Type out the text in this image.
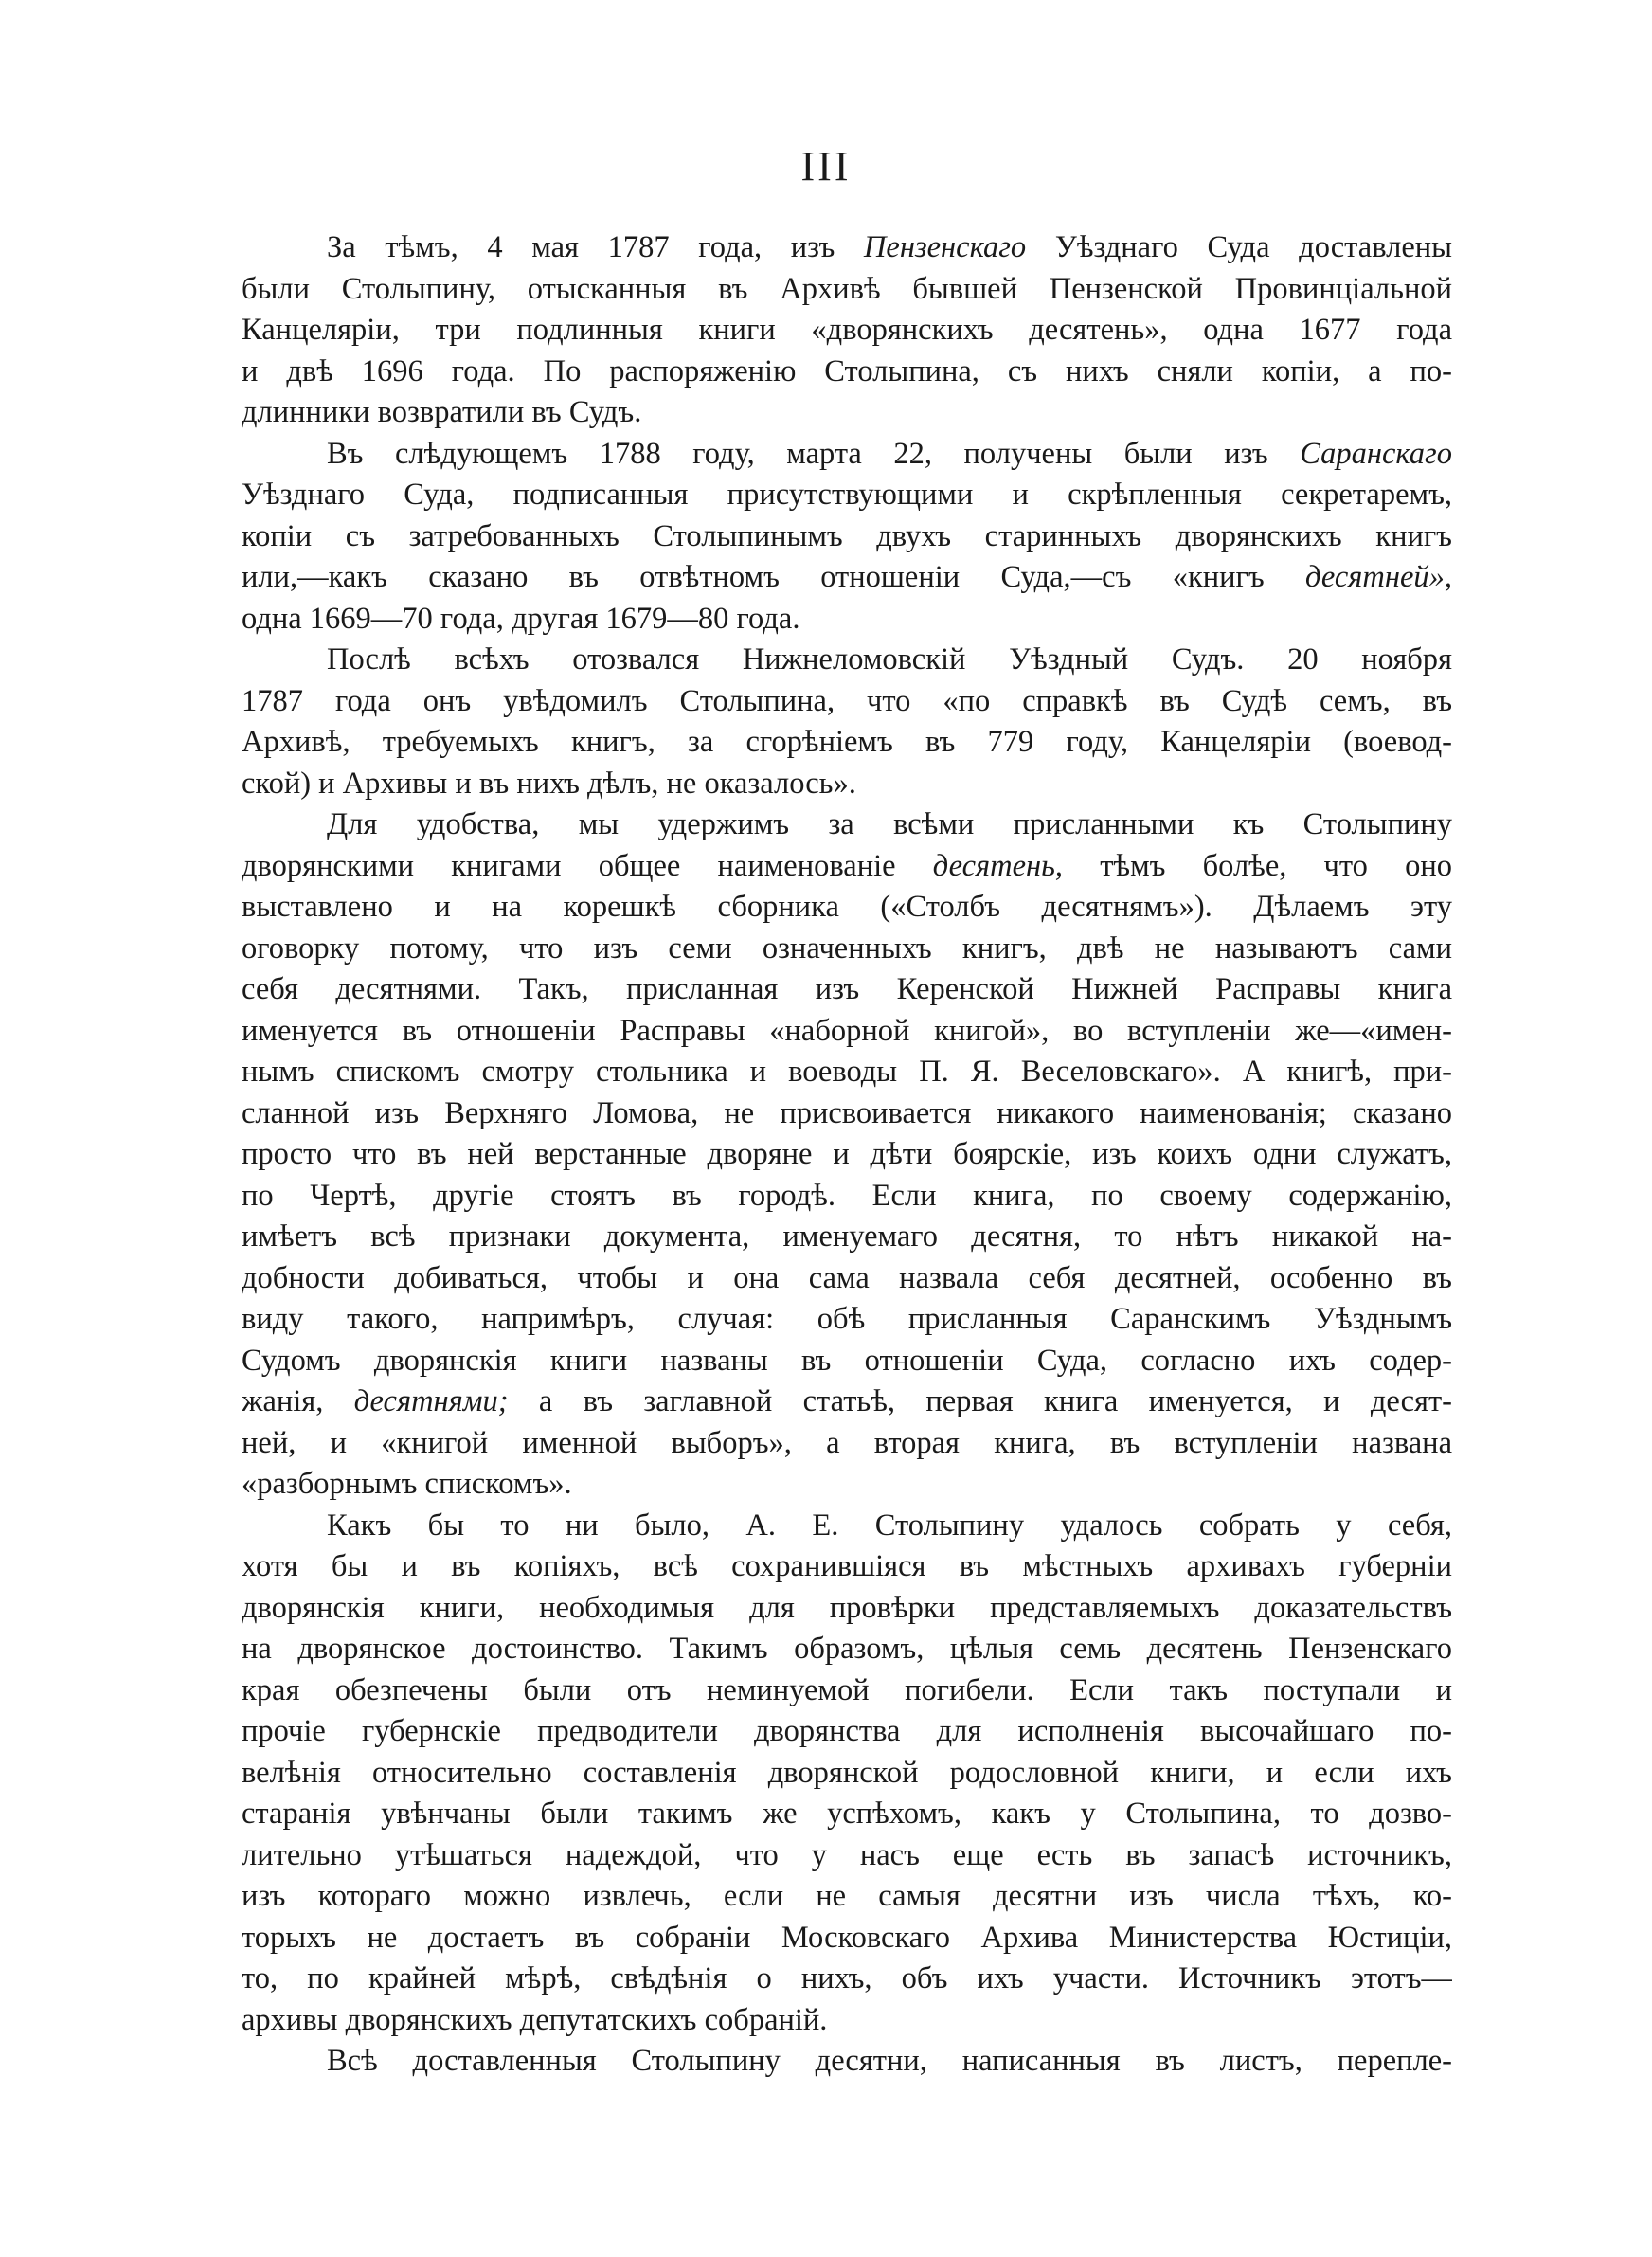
III
За тѣмъ, 4 мая 1787 года, изъ Пензенскаго Уѣзднаго Суда доставлены
были Столыпину, отысканныя въ Архивѣ бывшей Пензенской Провинціальной
Канцеляріи, три подлинныя книги «дворянскихъ десятень», одна 1677 года
и двѣ 1696 года. По распоряженію Столыпина, съ нихъ сняли копіи, а по-
длинники возвратили въ Судъ.
Въ слѣдующемъ 1788 году, марта 22, получены были изъ Саранскаго
Уѣзднаго Суда, подписанныя присутствующими и скрѣпленныя секретаремъ,
копіи съ затребованныхъ Столыпинымъ двухъ старинныхъ дворянскихъ книгъ
или,—какъ сказано въ отвѣтномъ отношеніи Суда,—съ «книгъ десятней»,
одна 1669—70 года, другая 1679—80 года.
Послѣ всѣхъ отозвался Нижнеломовскій Уѣздный Судъ. 20 ноября
1787 года онъ увѣдомилъ Столыпина, что «по справкѣ въ Судѣ семъ, въ
Архивѣ, требуемыхъ книгъ, за сгорѣніемъ въ 779 году, Канцеляріи (воевод-
ской) и Архивы и въ нихъ дѣлъ, не оказалось».
Для удобства, мы удержимъ за всѣми присланными къ Столыпину
дворянскими книгами общее наименованіе десятень, тѣмъ болѣе, что оно
выставлено и на корешкѣ сборника («Столбъ десятнямъ»). Дѣлаемъ эту
оговорку потому, что изъ семи означенныхъ книгъ, двѣ не называютъ сами
себя десятнями. Такъ, присланная изъ Керенской Нижней Расправы книга
именуется въ отношеніи Расправы «наборной книгой», во вступленіи же—«имен-
нымъ спискомъ смотру стольника и воеводы П. Я. Веселовскаго». А книгѣ, при-
сланной изъ Верхняго Ломова, не присвоивается никакого наименованія; сказано
просто что въ ней верстанные дворяне и дѣти боярскіе, изъ коихъ одни служатъ,
по Чертѣ, другіе стоятъ въ городѣ. Если книга, по своему содержанію,
имѣетъ всѣ признаки документа, именуемаго десятня, то нѣтъ никакой на-
добности добиваться, чтобы и она сама назвала себя десятней, особенно въ
виду такого, напримѣръ, случая: обѣ присланныя Саранскимъ Уѣзднымъ
Судомъ дворянскія книги названы въ отношеніи Суда, согласно ихъ содер-
жанія, десятнями; а въ заглавной статьѣ, первая книга именуется, и десят-
ней, и «книгой именной выборъ», а вторая книга, въ вступленіи названа
«разборнымъ спискомъ».
Какъ бы то ни было, А. Е. Столыпину удалось собрать у себя,
хотя бы и въ копіяхъ, всѣ сохранившіяся въ мѣстныхъ архивахъ губерніи
дворянскія книги, необходимыя для провѣрки представляемыхъ доказательствъ
на дворянское достоинство. Такимъ образомъ, цѣлыя семь десятень Пензенскаго
края обезпечены были отъ неминуемой погибели. Если такъ поступали и
прочіе губернскіе предводители дворянства для исполненія высочайшаго по-
велѣнія относительно составленія дворянской родословной книги, и если ихъ
старанія увѣнчаны были такимъ же успѣхомъ, какъ у Столыпина, то дозво-
лительно утѣшаться надеждой, что у насъ еще есть въ запасѣ источникъ,
изъ котораго можно извлечь, если не самыя десятни изъ числа тѣхъ, ко-
торыхъ не достаетъ въ собраніи Московскаго Архива Министерства Юстиціи,
то, по крайней мѣрѣ, свѣдѣнія о нихъ, объ ихъ участи. Источникъ этотъ—
архивы дворянскихъ депутатскихъ собраній.
Всѣ доставленныя Столыпину десятни, написанныя въ листъ, перепле-
